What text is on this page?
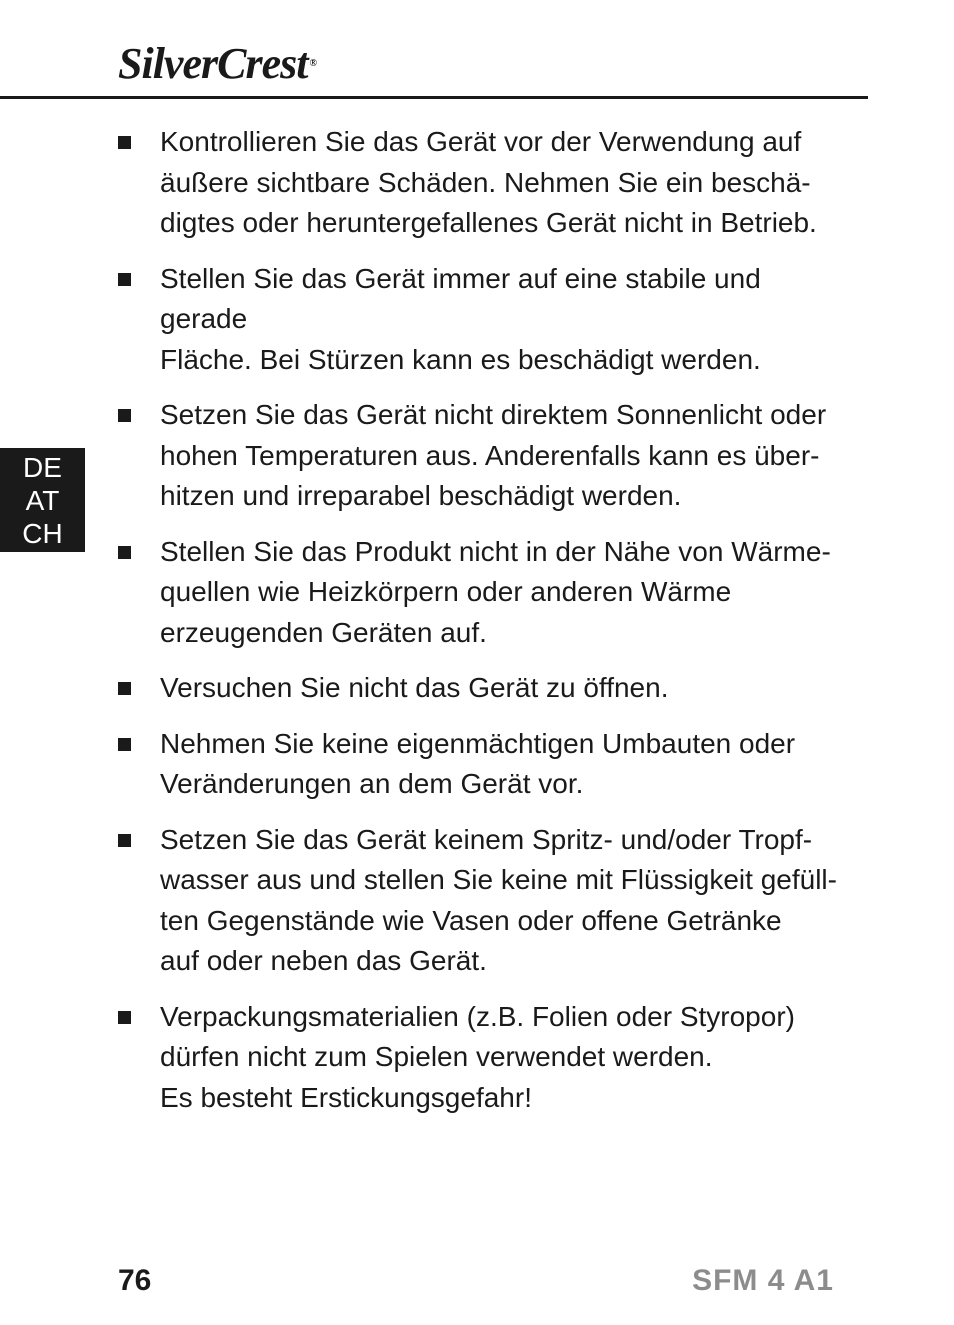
SilverCrest ®
DE
AT
CH
Kontrollieren Sie das Gerät vor der Verwendung auf
äußere sichtbare Schäden. Nehmen Sie ein beschä-
digtes oder heruntergefallenes Gerät nicht in Betrieb.
Stellen Sie das Gerät immer auf eine stabile und gerade
Fläche. Bei Stürzen kann es beschädigt werden.
Setzen Sie das Gerät nicht direktem Sonnenlicht oder
hohen Temperaturen aus. Anderenfalls kann es über-
hitzen und irreparabel beschädigt werden.
Stellen Sie das Produkt nicht in der Nähe von Wärme-
quellen wie Heizkörpern oder anderen Wärme
erzeugenden Geräten auf.
Versuchen Sie nicht das Gerät zu öffnen.
Nehmen Sie keine eigenmächtigen Umbauten oder
Veränderungen an dem Gerät vor.
Setzen Sie das Gerät keinem Spritz- und/oder Tropf-
wasser aus und stellen Sie keine mit Flüssigkeit gefüll-
ten Gegenstände wie Vasen oder offene Getränke
auf oder neben das Gerät.
Verpackungsmaterialien (z.B. Folien oder Styropor)
dürfen nicht zum Spielen verwendet werden.
Es besteht Erstickungsgefahr!
76	SFM 4 A1
